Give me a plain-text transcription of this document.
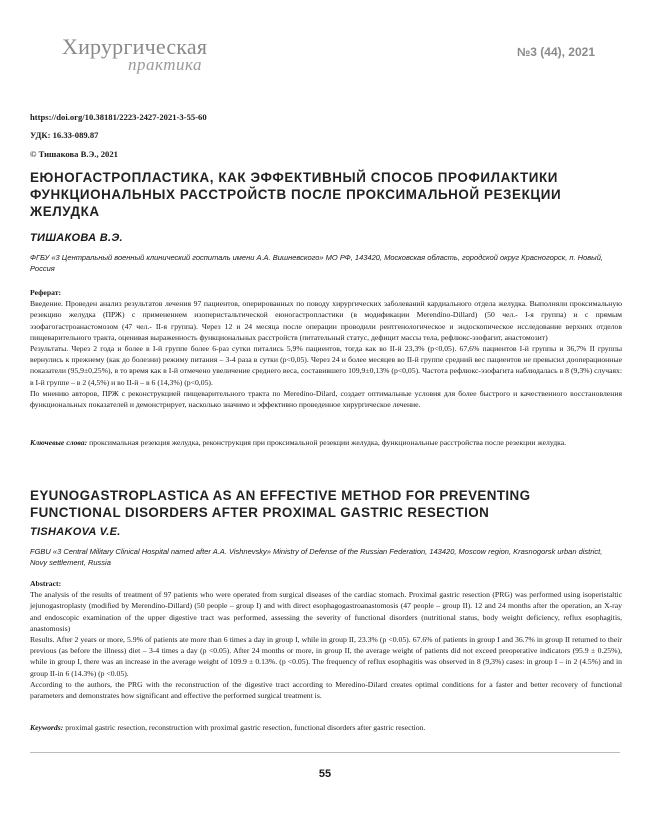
Хирургическая
практика
№3 (44), 2021
https://doi.org/10.38181/2223-2427-2021-3-55-60
УДК: 16.33-089.87
© Тишакова В.Э., 2021
ЕЮНОГАСТРОПЛАСТИКА, КАК ЭФФЕКТИВНЫЙ СПОСОБ ПРОФИЛАКТИКИ ФУНКЦИОНАЛЬНЫХ РАССТРОЙСТВ ПОСЛЕ ПРОКСИМАЛЬНОЙ РЕЗЕКЦИИ ЖЕЛУДКА
ТИШАКОВА В.Э.
ФГБУ «3 Центральный военный клинический госпиталь имени А.А. Вишневского» МО РФ, 143420, Московская область, городской округ Красногорск, п. Новый, Россия

Реферат:

Введение. Проведен анализ результатов лечения 97 пациентов, оперированных по поводу хирургических заболеваний кардиального отдела желудка. Выполняли проксимальную резекцию желудка (ПРЖ) с применением изоперистальтической еюногастропластики (в модификации Merendino-Dillard) (50 чел.- I-я группа) и с прямым эзофагогастроанастомозом (47 чел.- II-я группа). Через 12 и 24 месяца после операции проводили рентгенологическое и эндоскопическое исследование верхних отделов пищеварительного тракта, оценивая выраженность функциональных расстройств (питательный статус, дефицит массы тела, рефлюкс-эзофагит, анастомозит)

Результаты. Через 2 года и более в I-й группе более 6-раз сутки питались 5,9% пациентов, тогда как во II-й 23,3% (p<0,05). 67,6% пациентов I-й группы и 36,7% II группы вернулись к прежнему (как до болезни) режиму питания – 3-4 раза в сутки (p<0,05). Через 24 и более месяцев во II-й группе средний вес пациентов не превысил дооперационные показатели (95,9±0,25%), в то время как в I-й отмечено увеличение среднего веса, составившего 109,9±0,13% (p<0,05). Частота рефлюкс-эзофагита наблюдалась в 8 (9,3%) случаях: в I-й группе – в 2 (4,5%) и во II-й – в 6 (14,3%) (p<0,05).

По мнению авторов, ПРЖ с реконструкцией пищеварительного тракта по Meredino-Dilard, создает оптимальные условия для более быстрого и качественного восстановления функциональных показателей и демонстрирует, насколько значимо и эффективно проведенное хирургическое лечение.

Ключевые слова: проксимальная резекция желудка, реконструкция при проксимальной резекции желудка, функциональные расстройства после резекции желудка.

EYUNOGASTROPLASTICA AS AN EFFECTIVE METHOD FOR PREVENTING FUNCTIONAL DISORDERS AFTER PROXIMAL GASTRIC RESECTION
TISHAKOVA V.E.
FGBU «3 Central Military Clinical Hospital named after A.A. Vishnevsky» Ministry of Defense of the Russian Federation, 143420, Moscow region, Krasnogorsk urban district, Novy settlement, Russia

Abstract:

The analysis of the results of treatment of 97 patients who were operated from surgical diseases of the cardiac stomach. Proximal gastric resection (PRG) was performed using isoperistaltic jejunogastroplasty (modified by Merendino-Dillard) (50 people – group I) and with direct esophagogastroanastomosis (47 people – group II). 12 and 24 months after the operation, an X-ray and endoscopic examination of the upper digestive tract was performed, assessing the severity of functional disorders (nutritional status, body weight deficiency, reflux esophagitis, anastomosis)

Results. After 2 years or more, 5.9% of patients ate more than 6 times a day in group I, while in group II, 23.3% (p <0.05). 67.6% of patients in group I and 36.7% in group II returned to their previous (as before the illness) diet – 3-4 times a day (p <0.05). After 24 months or more, in group II, the average weight of patients did not exceed preoperative indicators (95.9 ± 0.25%), while in group I, there was an increase in the average weight of 109.9 ± 0.13%. (p <0.05). The frequency of reflux esophagitis was observed in 8 (9,3%) cases: in group I – in 2 (4.5%) and in group II-in 6 (14.3%) (p <0.05).

According to the authors, the PRG with the reconstruction of the digestive tract according to Meredino-Dilard creates optimal conditions for a faster and better recovery of functional parameters and demonstrates how significant and effective the performed surgical treatment is.

Keywords: proximal gastric resection, reconstruction with proximal gastric resection, functional disorders after gastric resection.

55
